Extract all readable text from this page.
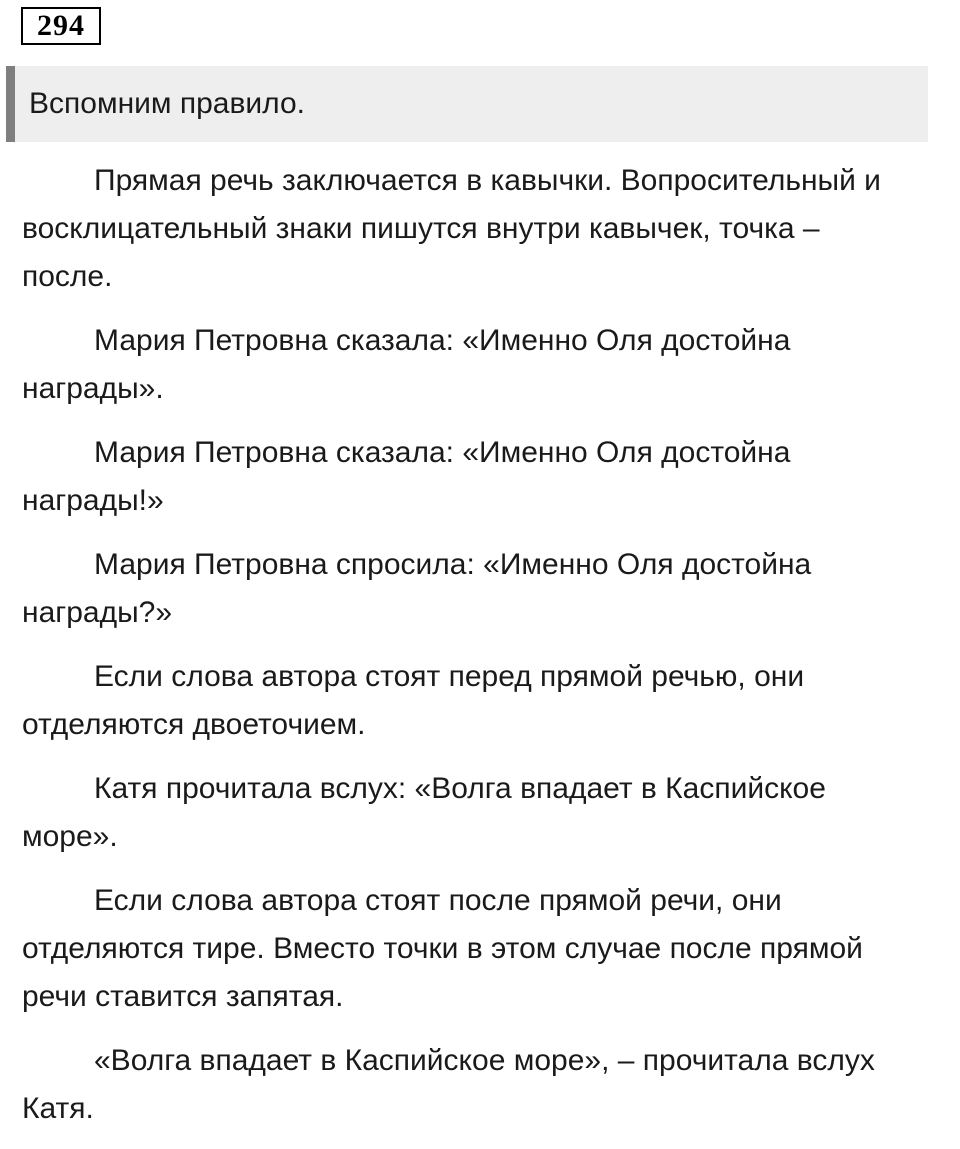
294
Вспомним правило.

Прямая речь заключается в кавычки. Вопросительный и
восклицательный знаки пишутся внутри кавычек, точка –
после.

Мария Петровна сказала: «Именно Оля достойна
награды».

Мария Петровна сказала: «Именно Оля достойна
награды!»

Мария Петровна спросила: «Именно Оля достойна
награды?»

Если слова автора стоят перед прямой речью, они
отделяются двоеточием.

Катя прочитала вслух: «Волга впадает в Каспийское
море».

Если слова автора стоят после прямой речи, они
отделяются тире. Вместо точки в этом случае после прямой
речи ставится запятая.

«Волга впадает в Каспийское море», – прочитала вслух
Катя.
